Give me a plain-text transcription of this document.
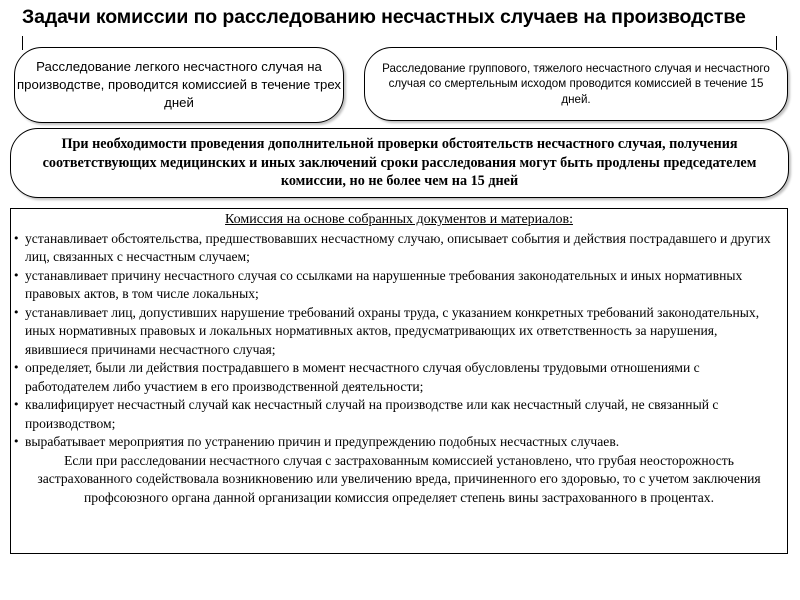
Задачи комиссии по расследованию несчастных случаев на производстве
Расследование легкого несчастного случая на производстве, проводится комиссией в течение трех дней
Расследование группового, тяжелого несчастного случая и несчастного случая со смертельным исходом проводится комиссией в течение 15 дней.
При необходимости проведения дополнительной проверки обстоятельств несчастного случая, получения соответствующих медицинских и иных заключений сроки расследования могут быть продлены председателем комиссии, но не более чем на 15 дней
Комиссия на основе собранных документов и материалов:
• устанавливает обстоятельства, предшествовавших несчастному случаю, описывает события и действия пострадавшего и других лиц, связанных с несчастным случаем;
• устанавливает причину несчастного случая со ссылками на нарушенные требования законодательных и иных нормативных правовых актов, в том числе локальных;
• устанавливает лиц, допустивших нарушение требований охраны труда, с указанием конкретных требований законодательных, иных нормативных правовых и локальных нормативных актов, предусматривающих их ответственность за нарушения, явившиеся причинами несчастного случая;
• определяет, были ли действия пострадавшего в момент несчастного случая обусловлены трудовыми отношениями с работодателем либо участием в его производственной деятельности;
• квалифицирует несчастный случай как несчастный случай на производстве или как несчастный случай, не связанный с производством;
• вырабатывает мероприятия по устранению причин и предупреждению подобных несчастных случаев.
Если при расследовании несчастного случая с застрахованным комиссией установлено, что грубая неосторожность застрахованного содействовала возникновению или увеличению вреда, причиненного его здоровью, то с учетом заключения профсоюзного органа данной организации комиссия определяет степень вины застрахованного в процентах.
